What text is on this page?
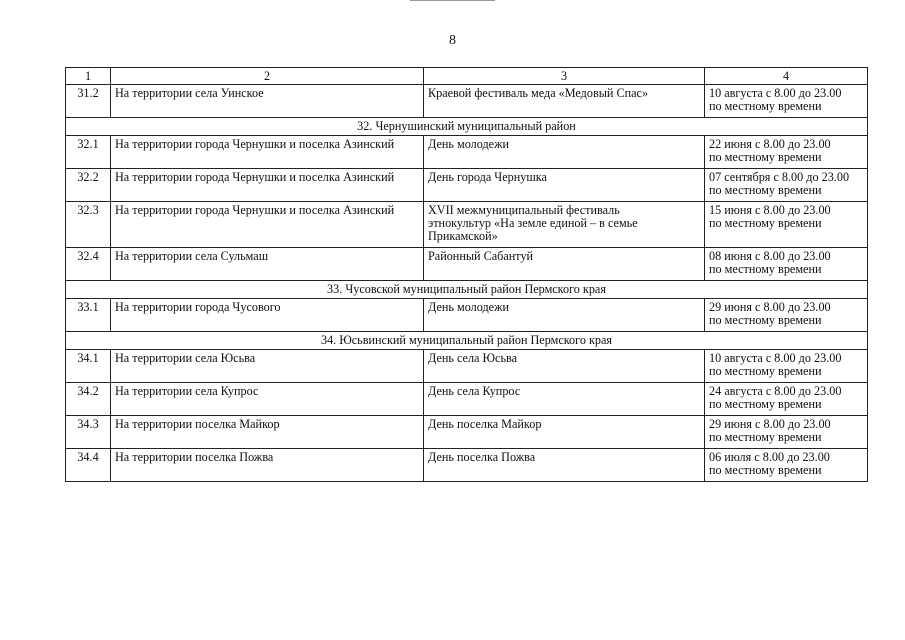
8
1	2	3	4
31.2	На территории села Уинское	Краевой фестиваль меда «Медовый Спас»	10 августа с 8.00 до 23.00
по местному времени

32. Чернушинский муниципальный район			
32.1	На территории города Чернушки и поселка Азинский	День молодежи	22 июня с 8.00 до 23.00
по местному времени

32.2	На территории города Чернушки и поселка Азинский	День города Чернушка	07 сентября с 8.00 до 23.00
по местному времени

32.3	На территории города Чернушки и поселка Азинский	XVII межмуниципальный фестиваль
этнокультур «На земле единой – в семье
Прикамской»	15 июня с 8.00 до 23.00
по местному времени

32.4	На территории села Сульмаш	Районный Сабантуй	08 июня с 8.00 до 23.00
по местному времени

33. Чусовской муниципальный район Пермского края			
33.1	На территории города Чусового	День молодежи	29 июня с 8.00 до 23.00
по местному времени

34. Юсьвинский муниципальный район Пермского края			
34.1	На территории села Юсьва	День села Юсьва	10 августа с 8.00 до 23.00
по местному времени

34.2	На территории села Купрос	День села Купрос	24 августа с 8.00 до 23.00
по местному времени

34.3	На территории поселка Майкор	День поселка Майкор	29 июня с 8.00 до 23.00
по местному времени

34.4	На территории поселка Пожва	День поселка Пожва	06 июля с 8.00 до 23.00
по местному времени
